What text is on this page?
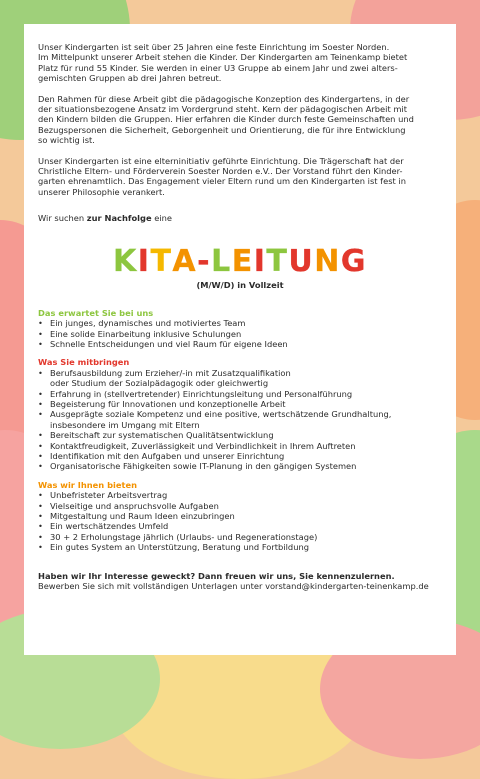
Unser Kindergarten ist seit über 25 Jahren eine feste Einrichtung im Soester Norden.
Im Mittelpunkt unserer Arbeit stehen die Kinder. Der Kindergarten am Teinenkamp bietet
Platz für rund 55 Kinder. Sie werden in einer U3 Gruppe ab einem Jahr und zwei alters-
gemischten Gruppen ab drei Jahren betreut.

Den Rahmen für diese Arbeit gibt die pädagogische Konzeption des Kindergartens, in der
der situationsbezogene Ansatz im Vordergrund steht. Kern der pädagogischen Arbeit mit
den Kindern bilden die Gruppen. Hier erfahren die Kinder durch feste Gemeinschaften und
Bezugspersonen die Sicherheit, Geborgenheit und Orientierung, die für ihre Entwicklung
so wichtig ist.

Unser Kindergarten ist eine elterninitiativ geführte Einrichtung. Die Trägerschaft hat der
Christliche Eltern- und Förderverein Soester Norden e.V.. Der Vorstand führt den Kinder-
garten ehrenamtlich. Das Engagement vieler Eltern rund um den Kindergarten ist fest in
unserer Philosophie verankert.

Wir suchen zur Nachfolge eine

KITA-LEITUNG
(M/W/D) in Vollzeit
Das erwartet Sie bei uns
• Ein junges, dynamisches und motiviertes Team
• Eine solide Einarbeitung inklusive Schulungen
• Schnelle Entscheidungen und viel Raum für eigene Ideen
Was Sie mitbringen
• Berufsausbildung zum Erzieher/-in mit Zusatzqualifikation
oder Studium der Sozialpädagogik oder gleichwertig
• Erfahrung in (stellvertretender) Einrichtungsleitung und Personalführung
• Begeisterung für Innovationen und konzeptionelle Arbeit
• Ausgeprägte soziale Kompetenz und eine positive, wertschätzende Grundhaltung,
insbesondere im Umgang mit Eltern
• Bereitschaft zur systematischen Qualitätsentwicklung
• Kontaktfreudigkeit, Zuverlässigkeit und Verbindlichkeit in Ihrem Auftreten
• Identifikation mit den Aufgaben und unserer Einrichtung
• Organisatorische Fähigkeiten sowie IT-Planung in den gängigen Systemen
Was wir Ihnen bieten
• Unbefristeter Arbeitsvertrag
• Vielseitige und anspruchsvolle Aufgaben
• Mitgestaltung und Raum Ideen einzubringen
• Ein wertschätzendes Umfeld
• 30 + 2 Erholungstage jährlich (Urlaubs- und Regenerationstage)
• Ein gutes System an Unterstützung, Beratung und Fortbildung
Haben wir Ihr Interesse geweckt? Dann freuen wir uns, Sie kennenzulernen.
Bewerben Sie sich mit vollständigen Unterlagen unter vorstand@kindergarten-teinenkamp.de
